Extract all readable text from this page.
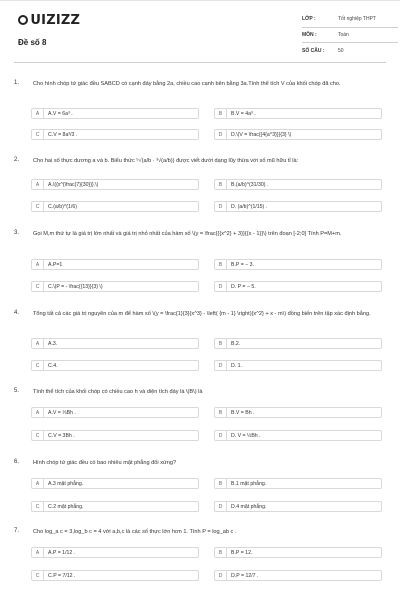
UIZIZZ
Đề số 8
LỚP :	Tốt nghiệp THPT
MÔN :	Toán
SỐ CÂU :	50
1. Cho hình chóp tứ giác đều SABCD có cạnh đáy bằng 2a, chiều cao cạnh bên bằng 3a.Tính thể tích V của khối chóp đã cho.
A	A.V = 6a³ .	B	B.V = 4a³ .
C	C.V = 8a³/3 .	D	D.\(V = \frac{{4{a^3}}}{3} \)
2. Cho hai số thực dương a và b. Biểu thức ⁵√(a/b · ³√(a/b)) được viết dưới dạng lũy thừa với số mũ hữu tỉ là:
A	A.\({x^{\frac{7}{30}}}.\)	B	B.(a/b)^(31/30) .
C	C.(a/b)^(1/6)	D	D. (a/b)^(1/15) .
3. Gọi M,m thứ tự là giá trị lớn nhất và giá trị nhỏ nhất của hàm số \(y = \frac{{{x^2} + 3}}{{x - 1}}\) trên đoạn [-2;0] Tính P=M+m.
A	A.P=1	B	B.P = − 3.
C	C.\(P = - \frac{{13}}{3} \)	D	D. P = − 5.
4. Tổng tất cả các giá trị nguyên của m để hàm số \(y = \frac{1}{3}{x^3} - \left( {m - 1} \right){x^2} + x - m\) đồng biến trên tập xác định bằng.
A	A.3.	B	B.2.
C	C.4.	D	D. 1.
5. Tính thể tích của khối chóp có chiều cao h và diện tích đáy là \(B\) là
A	A.V = ⅓Bh .	B	B.V = Bh .
C	C.V = 3Bh .	D	D. V = ½Bh .
6. Hình chóp tứ giác đều có bao nhiêu mặt phẳng đối xứng?
A	A.3 mặt phẳng.	B	B.1 mặt phẳng.
C	C.2 mặt phẳng.	D	D.4 mặt phẳng.
7. Cho log_a c = 3,log_b c = 4 với a,b,c là các số thực lớn hơn 1. Tính P = log_ab c .
A	A.P = 1/12 .	B	B.P = 12.
C	C.P = 7/12 .	D	D.P = 12/7 .
